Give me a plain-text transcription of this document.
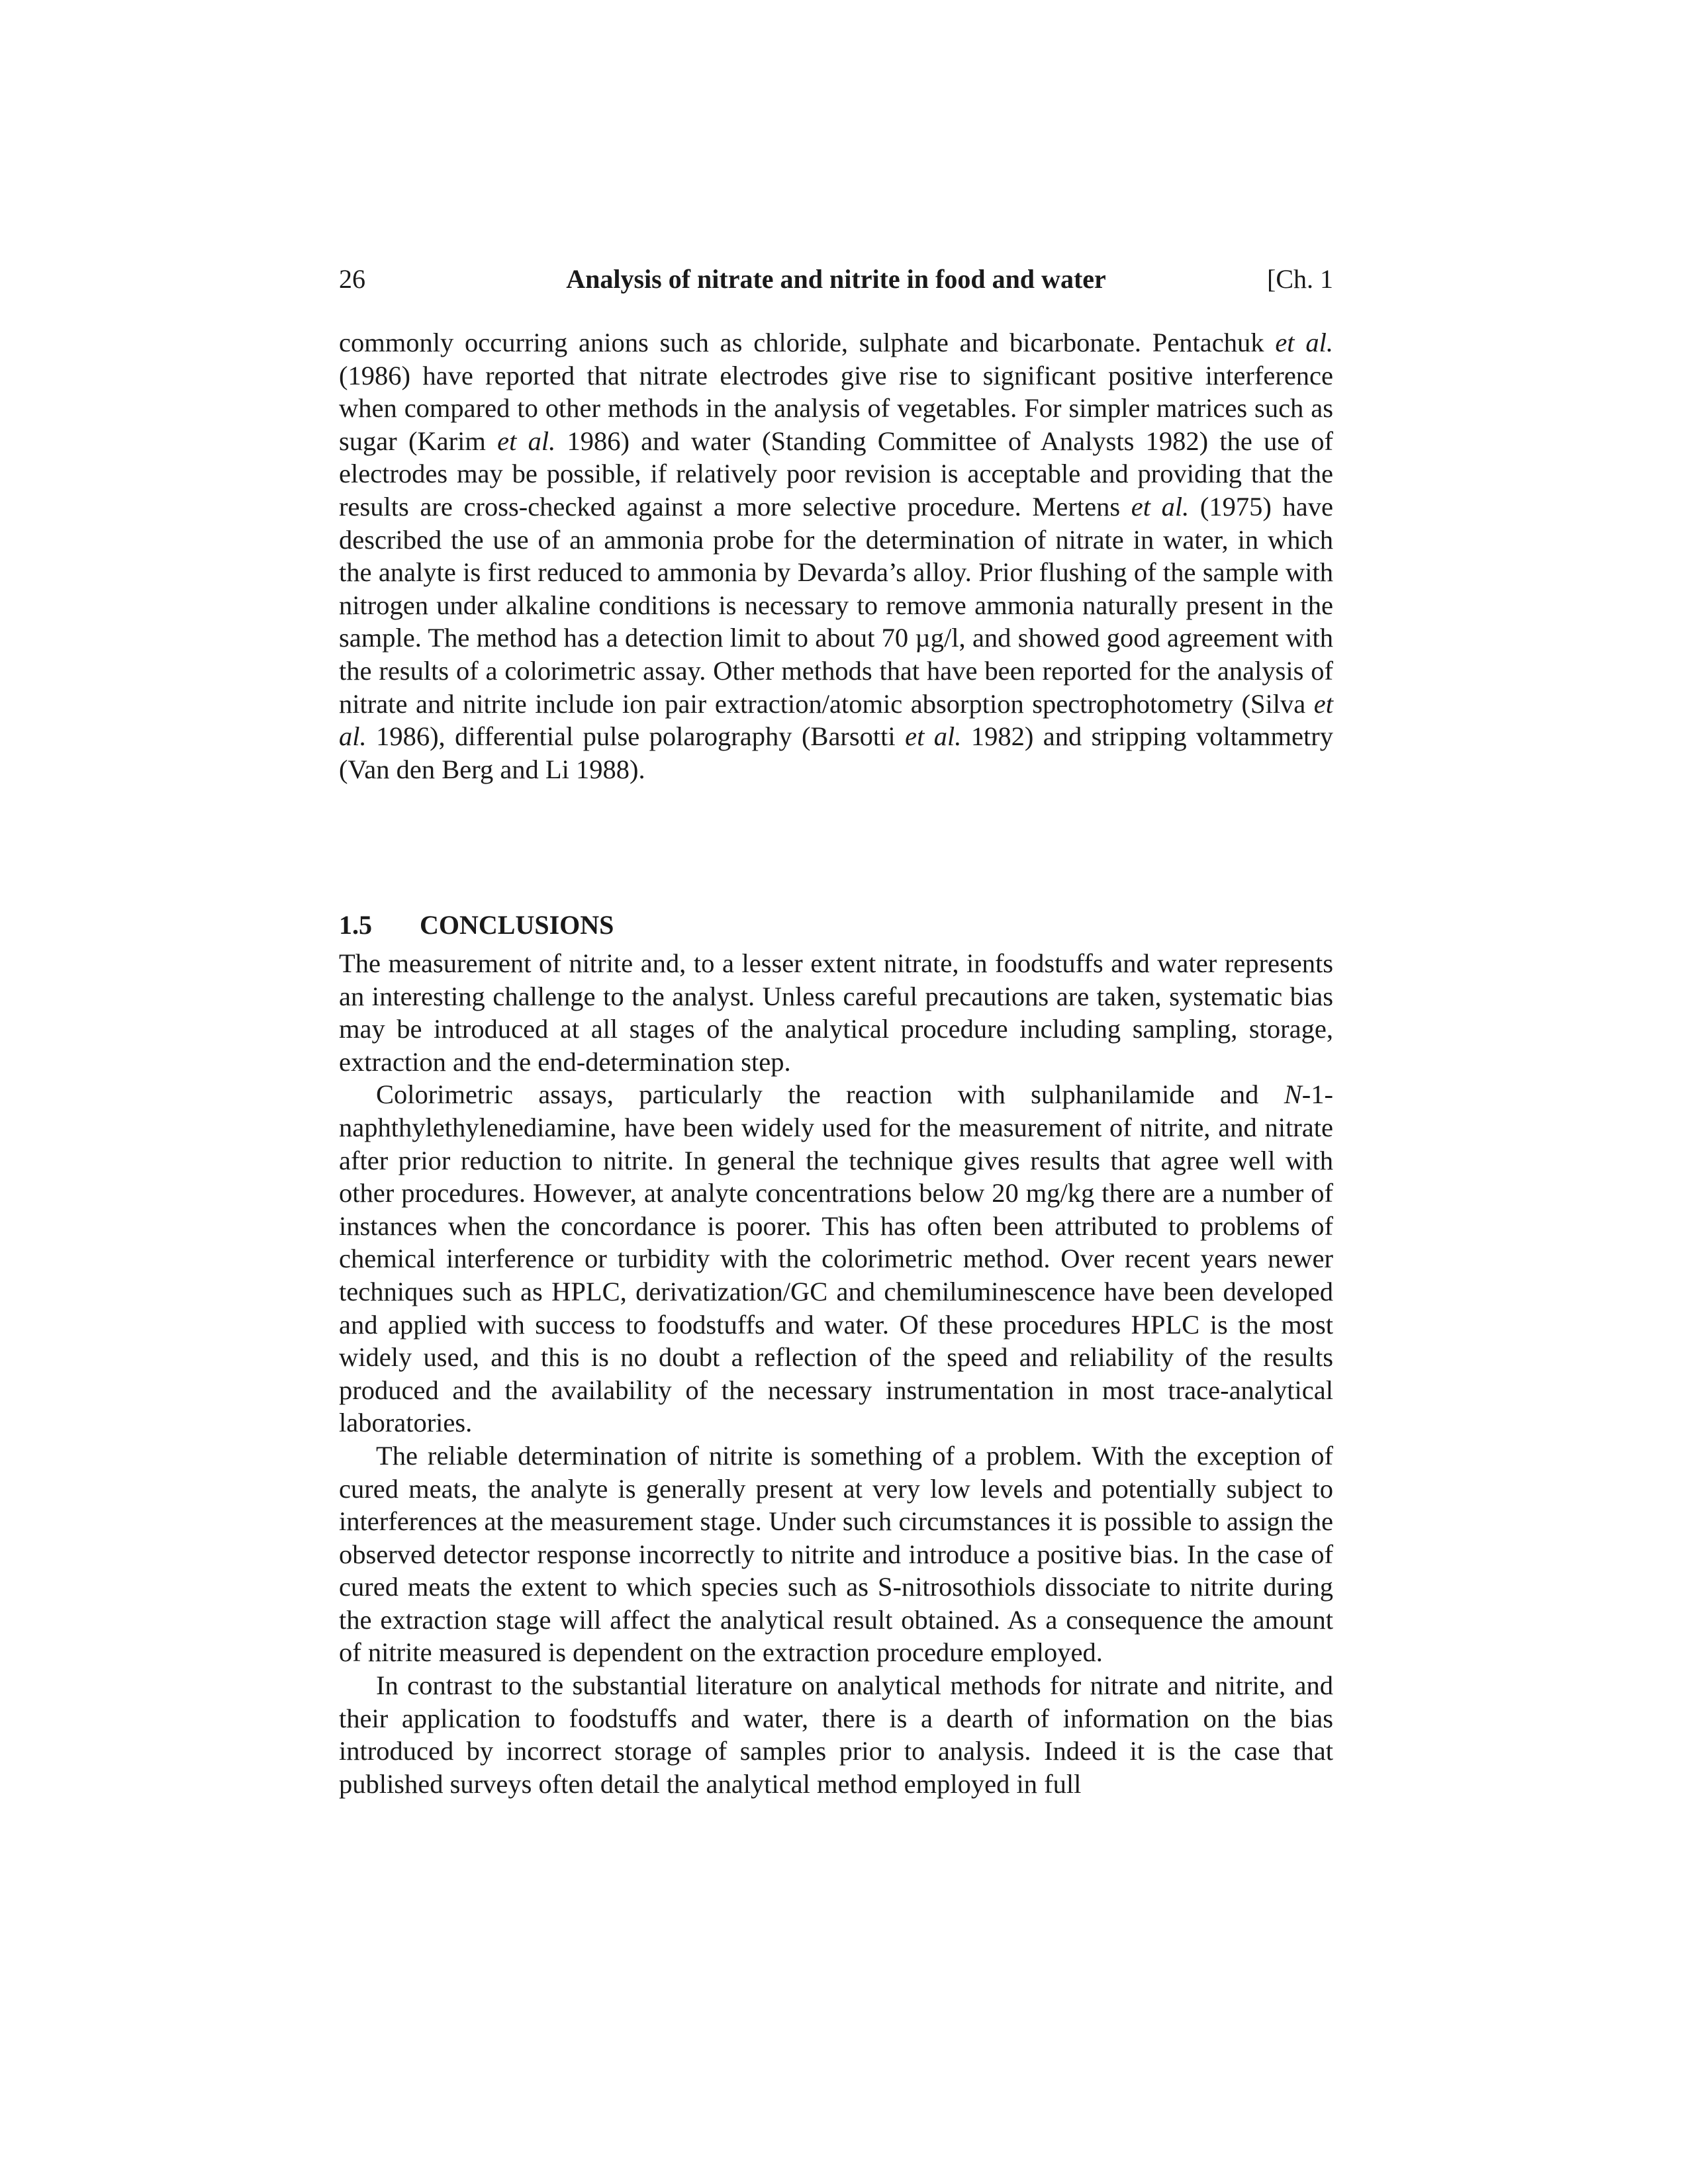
26	Analysis of nitrate and nitrite in food and water	[Ch. 1

commonly occurring anions such as chloride, sulphate and bicarbonate. Pentachuk et al. (1986) have reported that nitrate electrodes give rise to significant positive interference when compared to other methods in the analysis of vegetables. For simpler matrices such as sugar (Karim et al. 1986) and water (Standing Committee of Analysts 1982) the use of electrodes may be possible, if relatively poor revision is acceptable and providing that the results are cross-checked against a more selective procedure. Mertens et al. (1975) have described the use of an ammonia probe for the determination of nitrate in water, in which the analyte is first reduced to ammonia by Devarda’s alloy. Prior flushing of the sample with nitrogen under alkaline conditions is necessary to remove ammonia naturally present in the sample. The method has a detection limit to about 70 µg/l, and showed good agreement with the results of a colorimetric assay. Other methods that have been reported for the analysis of nitrate and nitrite include ion pair extraction/atomic absorption spectrophotometry (Silva et al. 1986), differential pulse polarography (Barsotti et al. 1982) and stripping voltammetry (Van den Berg and Li 1988).

1.5 CONCLUSIONS

The measurement of nitrite and, to a lesser extent nitrate, in foodstuffs and water represents an interesting challenge to the analyst. Unless careful precautions are taken, systematic bias may be introduced at all stages of the analytical procedure including sampling, storage, extraction and the end-determination step.

Colorimetric assays, particularly the reaction with sulphanilamide and N-1-naphthylethylenediamine, have been widely used for the measurement of nitrite, and nitrate after prior reduction to nitrite. In general the technique gives results that agree well with other procedures. However, at analyte concentrations below 20 mg/kg there are a number of instances when the concordance is poorer. This has often been attributed to problems of chemical interference or turbidity with the colorimetric method. Over recent years newer techniques such as HPLC, derivatization/GC and chemiluminescence have been developed and applied with success to foodstuffs and water. Of these procedures HPLC is the most widely used, and this is no doubt a reflection of the speed and reliability of the results produced and the availability of the necessary instrumentation in most trace-analytical laboratories.

The reliable determination of nitrite is something of a problem. With the exception of cured meats, the analyte is generally present at very low levels and potentially subject to interferences at the measurement stage. Under such circumstances it is possible to assign the observed detector response incorrectly to nitrite and introduce a positive bias. In the case of cured meats the extent to which species such as S-nitrosothiols dissociate to nitrite during the extraction stage will affect the analytical result obtained. As a consequence the amount of nitrite measured is dependent on the extraction procedure employed.

In contrast to the substantial literature on analytical methods for nitrate and nitrite, and their application to foodstuffs and water, there is a dearth of information on the bias introduced by incorrect storage of samples prior to analysis. Indeed it is the case that published surveys often detail the analytical method employed in full
